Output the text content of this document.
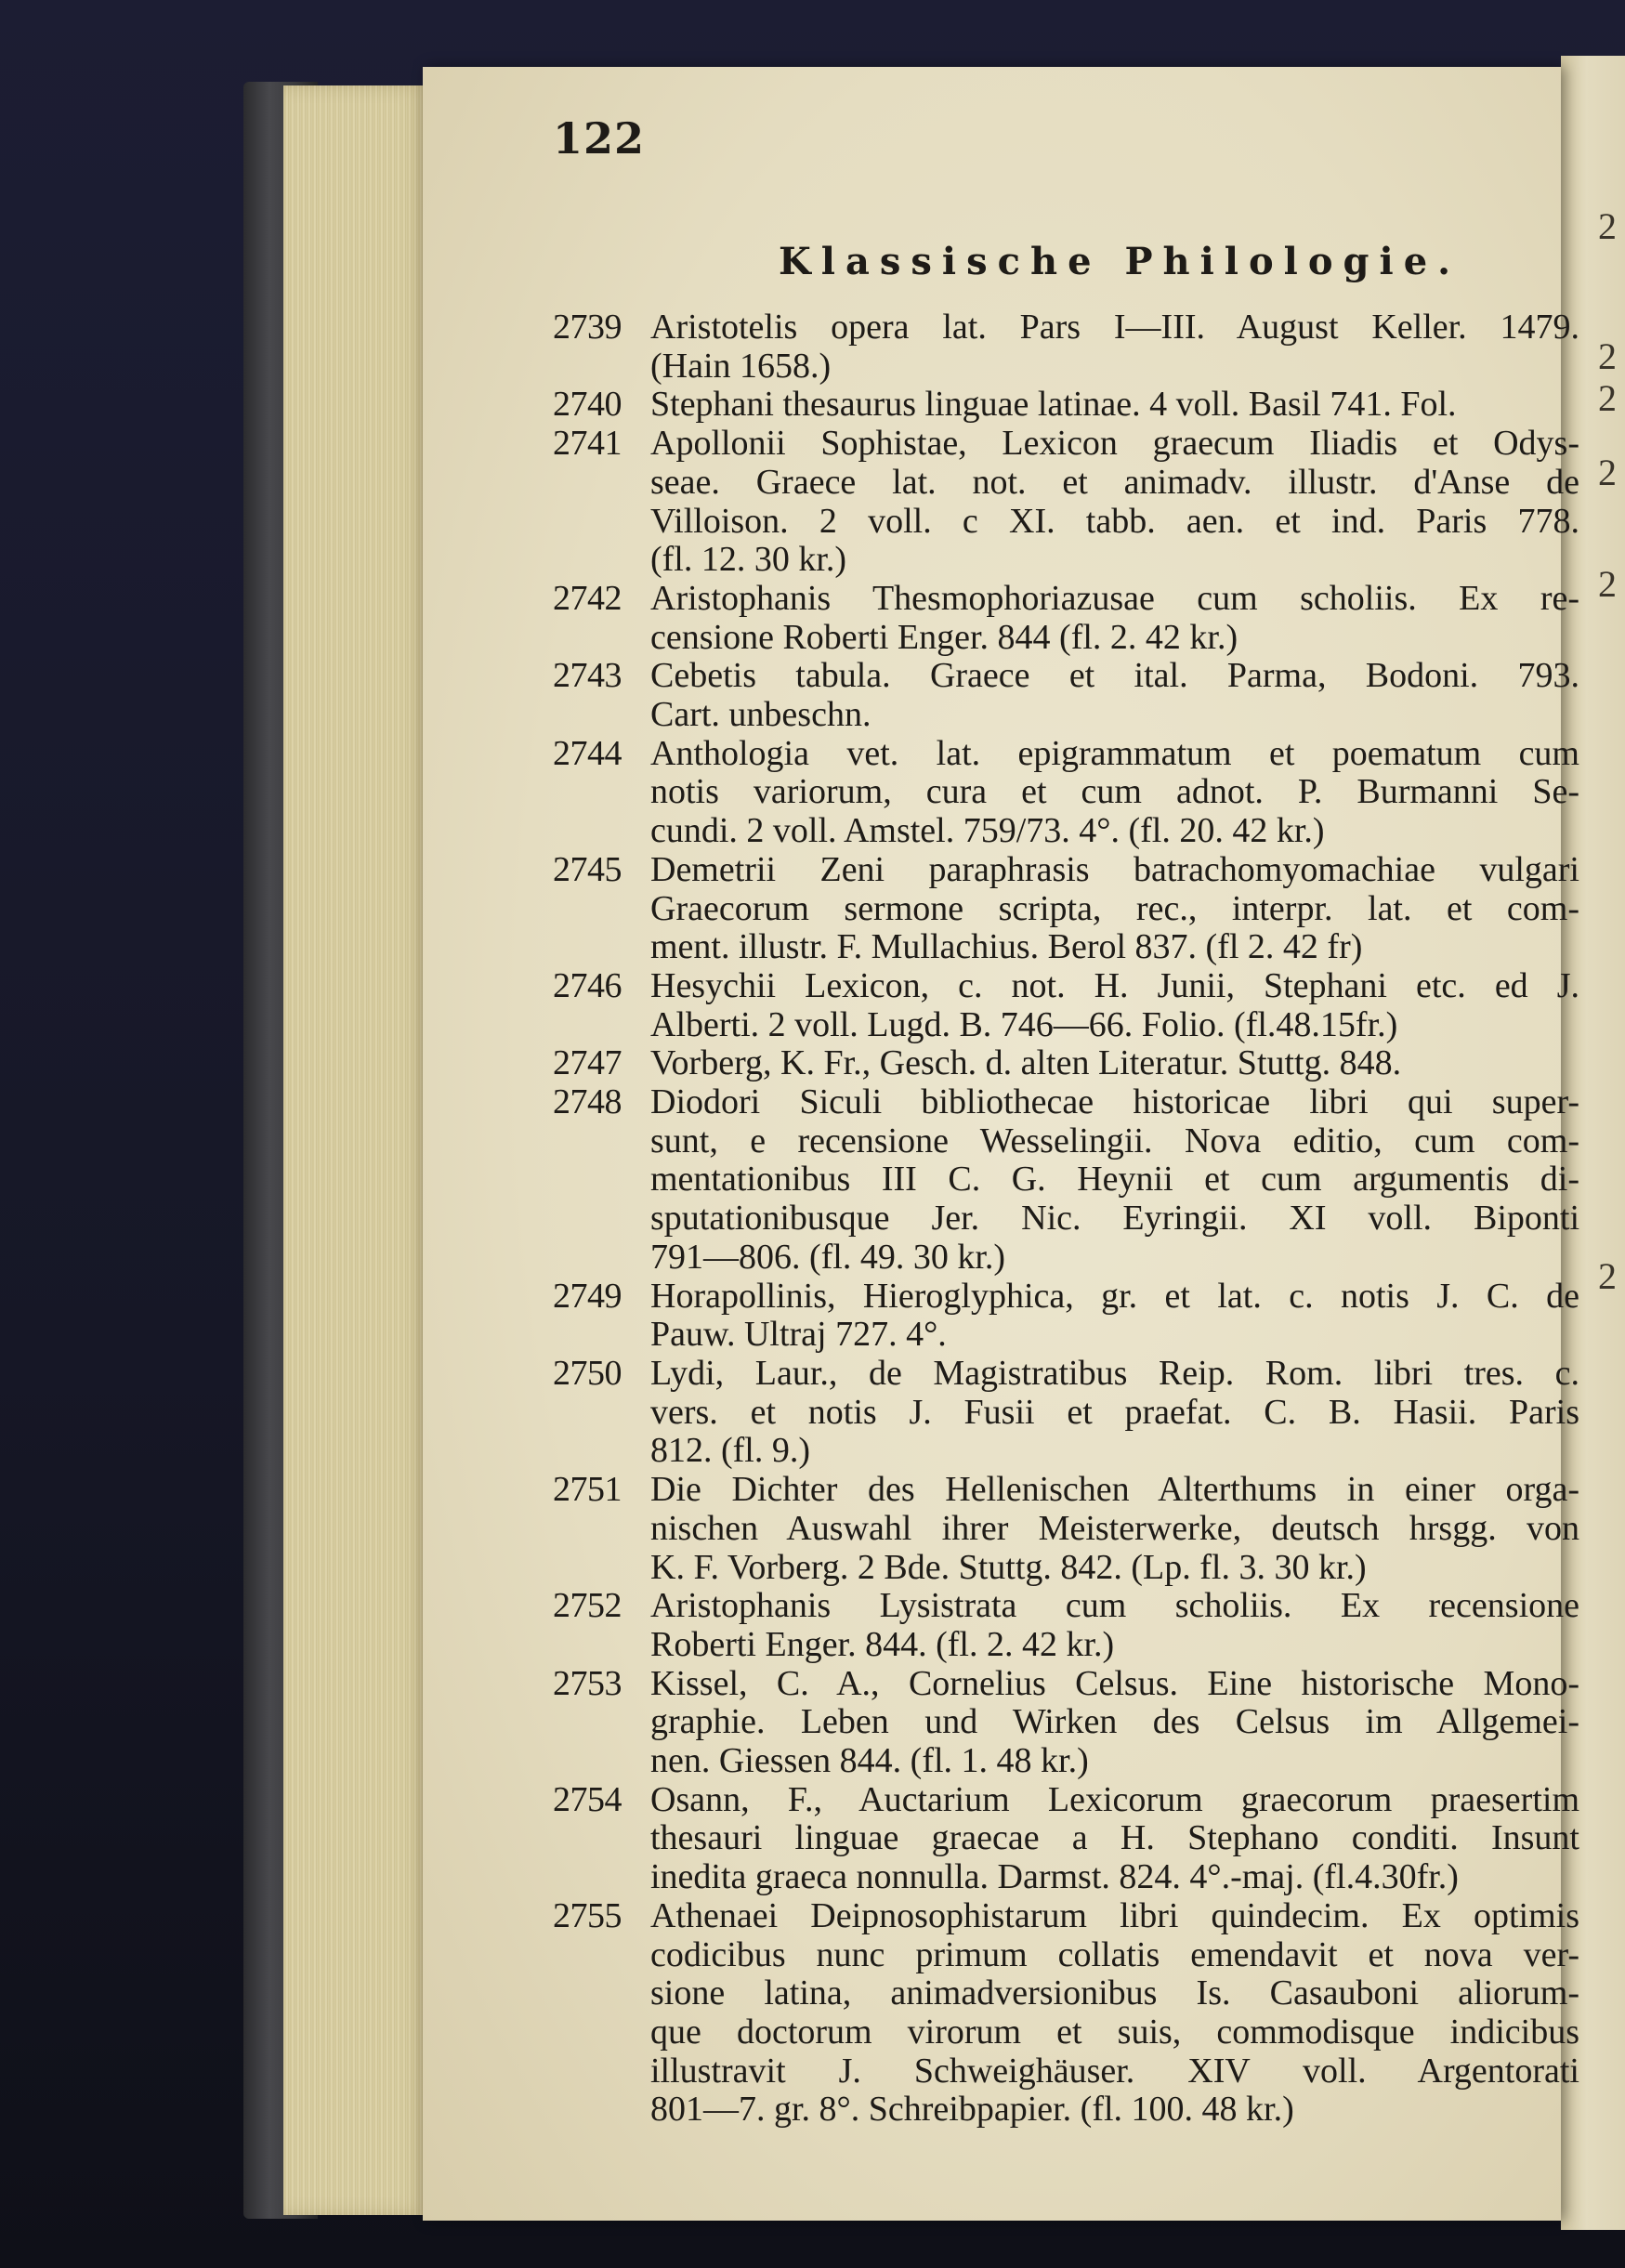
2
2
2
2
2
2
122
Klassische Philologie.
2739 Aristotelis opera lat. Pars I—III. August Keller. 1479.
(Hain 1658.)
2740 Stephani thesaurus linguae latinae. 4 voll. Basil 741. Fol.
2741 Apollonii Sophistae, Lexicon graecum Iliadis et Odys-
seae. Graece lat. not. et animadv. illustr. d'Anse de
Villoison. 2 voll. c XI. tabb. aen. et ind. Paris 778.
(fl. 12. 30 kr.)
2742 Aristophanis Thesmophoriazusae cum scholiis. Ex re-
censione Roberti Enger. 844 (fl. 2. 42 kr.)
2743 Cebetis tabula. Graece et ital. Parma, Bodoni. 793.
Cart. unbeschn.
2744 Anthologia vet. lat. epigrammatum et poematum cum
notis variorum, cura et cum adnot. P. Burmanni Se-
cundi. 2 voll. Amstel. 759/73. 4°. (fl. 20. 42 kr.)
2745 Demetrii Zeni paraphrasis batrachomyomachiae vulgari
Graecorum sermone scripta, rec., interpr. lat. et com-
ment. illustr. F. Mullachius. Berol 837. (fl 2. 42 fr)
2746 Hesychii Lexicon, c. not. H. Junii, Stephani etc. ed J.
Alberti. 2 voll. Lugd. B. 746—66. Folio. (fl.48.15fr.)
2747 Vorberg, K. Fr., Gesch. d. alten Literatur. Stuttg. 848.
2748 Diodori Siculi bibliothecae historicae libri qui super-
sunt, e recensione Wesselingii. Nova editio, cum com-
mentationibus III C. G. Heynii et cum argumentis di-
sputationibusque Jer. Nic. Eyringii. XI voll. Biponti
791—806. (fl. 49. 30 kr.)
2749 Horapollinis, Hieroglyphica, gr. et lat. c. notis J. C. de
Pauw. Ultraj 727. 4°.
2750 Lydi, Laur., de Magistratibus Reip. Rom. libri tres. c.
vers. et notis J. Fusii et praefat. C. B. Hasii. Paris
812. (fl. 9.)
2751 Die Dichter des Hellenischen Alterthums in einer orga-
nischen Auswahl ihrer Meisterwerke, deutsch hrsgg. von
K. F. Vorberg. 2 Bde. Stuttg. 842. (Lp. fl. 3. 30 kr.)
2752 Aristophanis Lysistrata cum scholiis. Ex recensione
Roberti Enger. 844. (fl. 2. 42 kr.)
2753 Kissel, C. A., Cornelius Celsus. Eine historische Mono-
graphie. Leben und Wirken des Celsus im Allgemei-
nen. Giessen 844. (fl. 1. 48 kr.)
2754 Osann, F., Auctarium Lexicorum graecorum praesertim
thesauri linguae graecae a H. Stephano conditi. Insunt
inedita graeca nonnulla. Darmst. 824. 4°.-maj. (fl.4.30fr.)
2755 Athenaei Deipnosophistarum libri quindecim. Ex optimis
codicibus nunc primum collatis emendavit et nova ver-
sione latina, animadversionibus Is. Casauboni aliorum-
que doctorum virorum et suis, commodisque indicibus
illustravit J. Schweighäuser. XIV voll. Argentorati
801—7. gr. 8°. Schreibpapier. (fl. 100. 48 kr.)
